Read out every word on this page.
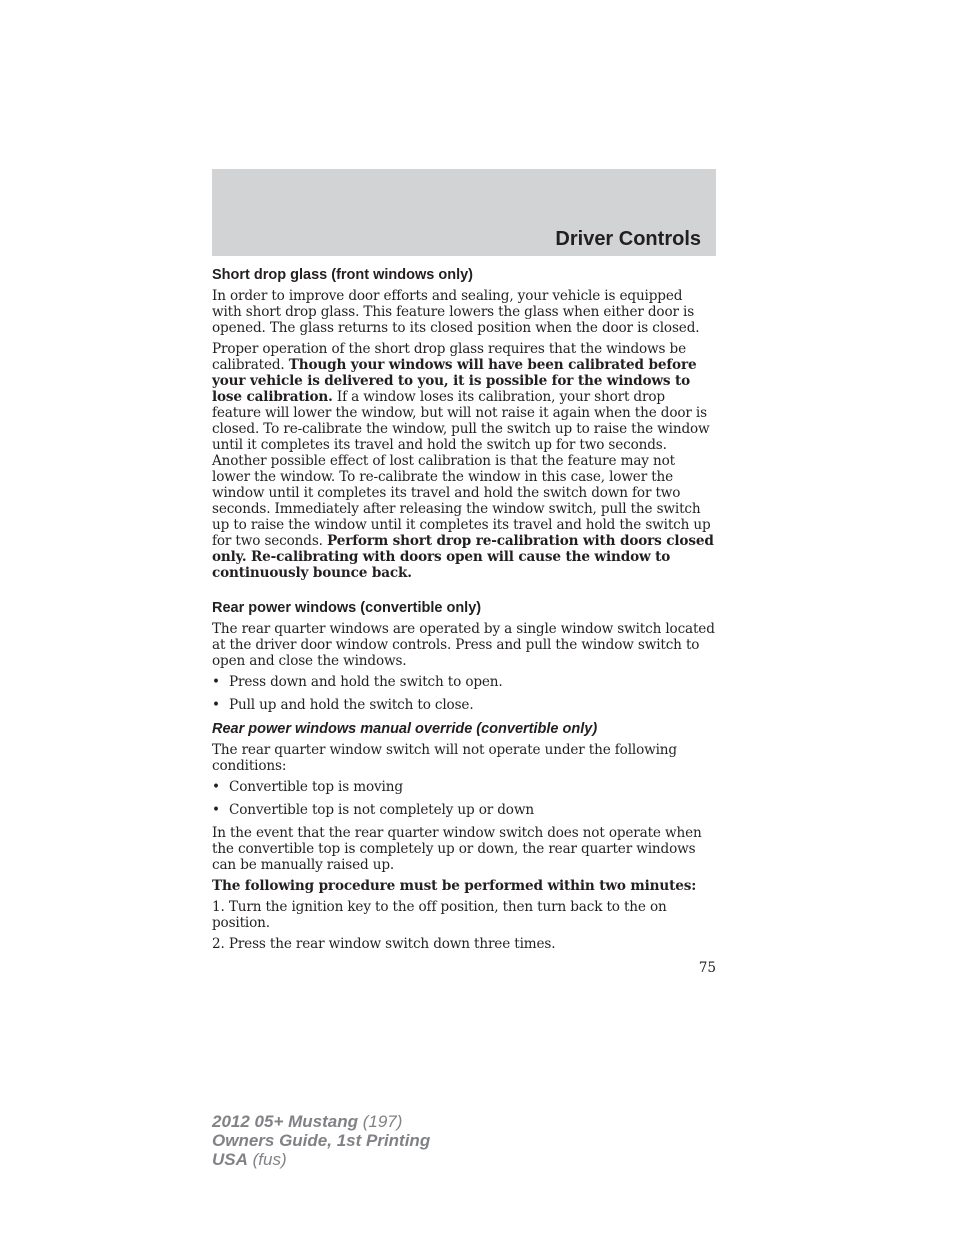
Driver Controls
Short drop glass (front windows only)

In order to improve door efforts and sealing, your vehicle is equipped with short drop glass. This feature lowers the glass when either door is opened. The glass returns to its closed position when the door is closed.

Proper operation of the short drop glass requires that the windows be calibrated. Though your windows will have been calibrated before your vehicle is delivered to you, it is possible for the windows to lose calibration. If a window loses its calibration, your short drop feature will lower the window, but will not raise it again when the door is closed. To re-calibrate the window, pull the switch up to raise the window until it completes its travel and hold the switch up for two seconds. Another possible effect of lost calibration is that the feature may not lower the window. To re-calibrate the window in this case, lower the window until it completes its travel and hold the switch down for two seconds. Immediately after releasing the window switch, pull the switch up to raise the window until it completes its travel and hold the switch up for two seconds. Perform short drop re-calibration with doors closed only. Re-calibrating with doors open will cause the window to continuously bounce back.

Rear power windows (convertible only)

The rear quarter windows are operated by a single window switch located at the driver door window controls. Press and pull the window switch to open and close the windows.

• Press down and hold the switch to open.
• Pull up and hold the switch to close.
Rear power windows manual override (convertible only)

The rear quarter window switch will not operate under the following conditions:

• Convertible top is moving
• Convertible top is not completely up or down

In the event that the rear quarter window switch does not operate when the convertible top is completely up or down, the rear quarter windows can be manually raised up.

The following procedure must be performed within two minutes:

1. Turn the ignition key to the off position, then turn back to the on position.

2. Press the rear window switch down three times.

75
2012 05+ Mustang (197)
Owners Guide, 1st Printing
USA (fus)
